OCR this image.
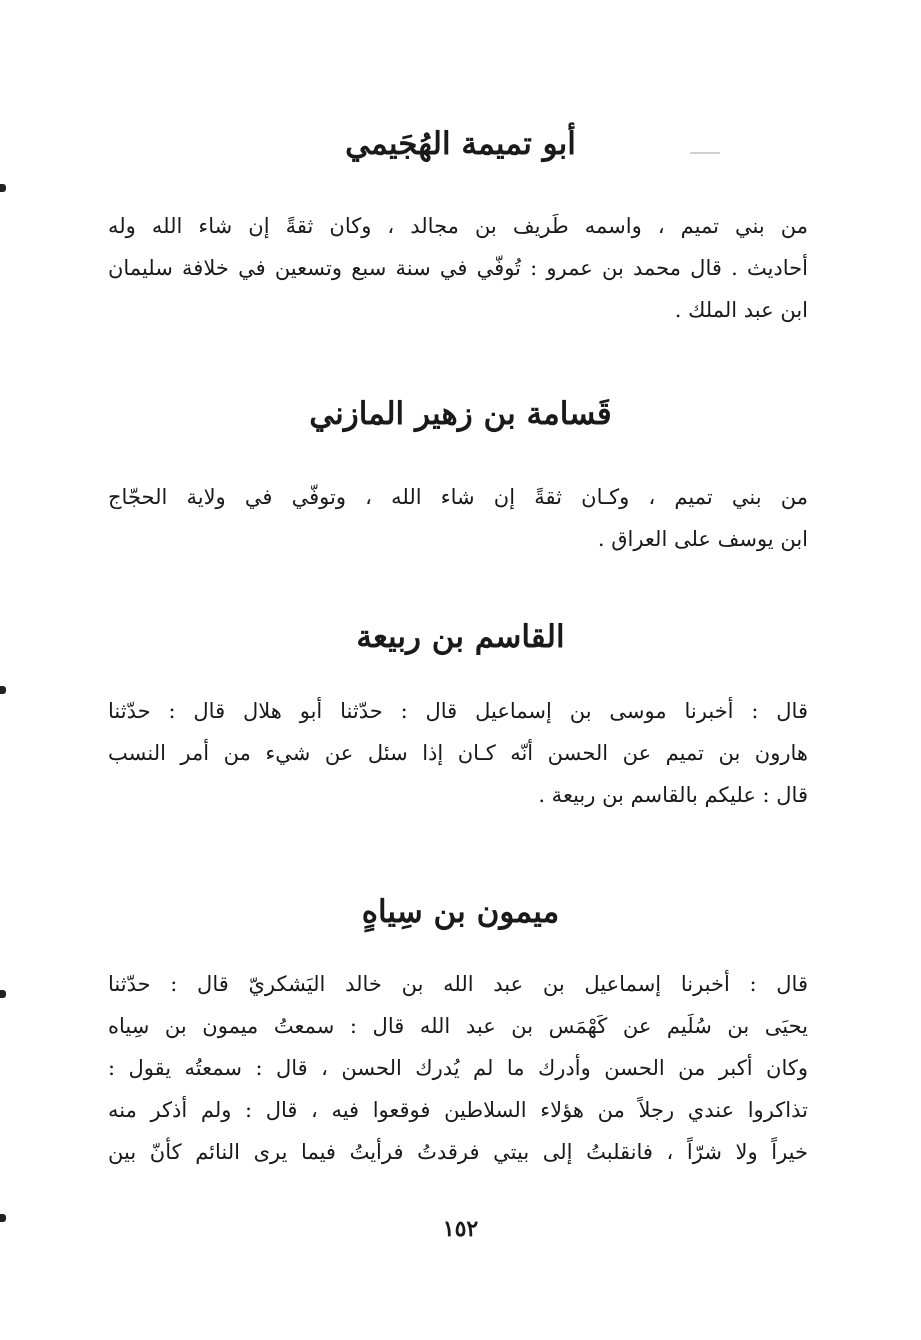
أبو تميمة الهُجَيمي
من بني تميم ، واسمه طَريف بن مجالد ، وكان ثقةً إن شاء الله وله
أحاديث . قال محمد بن عمرو : تُوفّي في سنة سبع وتسعين في خلافة سليمان
ابن عبد الملك .
قَسامة بن زهير المازني
من بني تميم ، وكـان ثقةً إن شاء الله ، وتوفّي في ولاية الحجّاج
ابن يوسف على العراق .
القاسم بن ربيعة
قال : أخبرنا موسى بن إسماعيل قال : حدّثنا أبو هلال قال : حدّثنا
هارون بن تميم عن الحسن أنّه كـان إذا سئل عن شيء من أمر النسب
قال : عليكم بالقاسم بن ربيعة .
ميمون بن سِياهٍ
قال : أخبرنا إسماعيل بن عبد الله بن خالد اليَشكريّ قال : حدّثنا
يحيَى بن سُلَيم عن كَهْمَس بن عبد الله قال : سمعتُ ميمون بن سِياه
وكان أكبر من الحسن وأدرك ما لم يُدرك الحسن ، قال : سمعتُه يقول :
تذاكروا عندي رجلاً من هؤلاء السلاطين فوقعوا فيه ، قال : ولم أذكر منه
خيراً ولا شرّاً ، فانقلبتُ إلى بيتي فرقدتُ فرأيتُ فيما يرى النائم كأنّ بين
١٥٢
